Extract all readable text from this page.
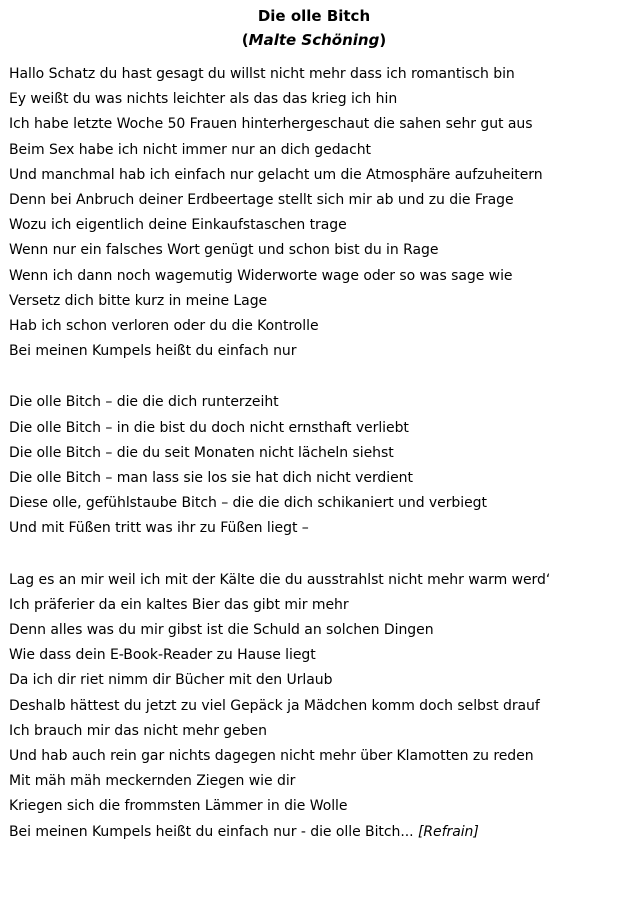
Die olle Bitch
(Malte Schöning)
Hallo Schatz du hast gesagt du willst nicht mehr dass ich romantisch bin
Ey weißt du was nichts leichter als das das krieg ich hin
Ich habe letzte Woche 50 Frauen hinterhergeschaut die sahen sehr gut aus
Beim Sex habe ich nicht immer nur an dich gedacht
Und manchmal hab ich einfach nur gelacht um die Atmosphäre aufzuheitern
Denn bei Anbruch deiner Erdbeertage stellt sich mir ab und zu die Frage
Wozu ich eigentlich deine Einkaufstaschen trage
Wenn nur ein falsches Wort genügt und schon bist du in Rage
Wenn ich dann noch wagemutig Widerworte wage oder so was sage wie
Versetz dich bitte kurz in meine Lage
Hab ich schon verloren oder du die Kontrolle
Bei meinen Kumpels heißt du einfach nur
Die olle Bitch – die die dich runterzeiht
Die olle Bitch – in die bist du doch nicht ernsthaft verliebt
Die olle Bitch – die du seit Monaten nicht lächeln siehst
Die olle Bitch – man lass sie los sie hat dich nicht verdient
Diese olle, gefühlstaube Bitch – die die dich schikaniert und verbiegt
Und mit Füßen tritt was ihr zu Füßen liegt –
Lag es an mir weil ich mit der Kälte die du ausstrahlst nicht mehr warm werd‘
Ich präferier da ein kaltes Bier das gibt mir mehr
Denn alles was du mir gibst ist die Schuld an solchen Dingen
Wie dass dein E-Book-Reader zu Hause liegt
Da ich dir riet nimm dir Bücher mit den Urlaub
Deshalb hättest du jetzt zu viel Gepäck ja Mädchen komm doch selbst drauf
Ich brauch mir das nicht mehr geben
Und hab auch rein gar nichts dagegen nicht mehr über Klamotten zu reden
Mit mäh mäh meckernden Ziegen wie dir
Kriegen sich die frommsten Lämmer in die Wolle
Bei meinen Kumpels heißt du einfach nur - die olle Bitch... [Refrain]
